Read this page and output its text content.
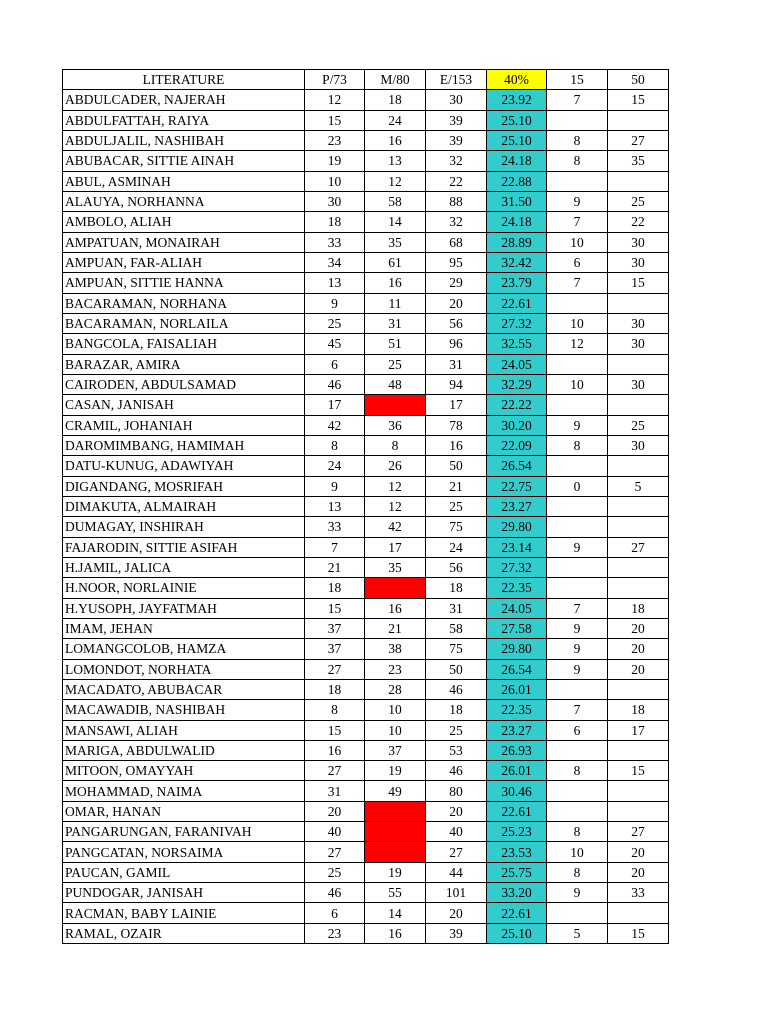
LITERATURE	P/73	M/80	E/153	40%	15	50
ABDULCADER, NAJERAH	12	18	30	23.92	7	15
ABDULFATTAH, RAIYA	15	24	39	25.10		
ABDULJALIL, NASHIBAH	23	16	39	25.10	8	27
ABUBACAR, SITTIE AINAH	19	13	32	24.18	8	35
ABUL, ASMINAH	10	12	22	22.88		
ALAUYA, NORHANNA	30	58	88	31.50	9	25
AMBOLO, ALIAH	18	14	32	24.18	7	22
AMPATUAN, MONAIRAH	33	35	68	28.89	10	30
AMPUAN, FAR-ALIAH	34	61	95	32.42	6	30
AMPUAN, SITTIE HANNA	13	16	29	23.79	7	15
BACARAMAN, NORHANA	9	11	20	22.61		
BACARAMAN, NORLAILA	25	31	56	27.32	10	30
BANGCOLA, FAISALIAH	45	51	96	32.55	12	30
BARAZAR, AMIRA	6	25	31	24.05		
CAIRODEN, ABDULSAMAD	46	48	94	32.29	10	30
CASAN, JANISAH	17		17	22.22		
CRAMIL, JOHANIAH	42	36	78	30.20	9	25
DAROMIMBANG, HAMIMAH	8	8	16	22.09	8	30
DATU-KUNUG, ADAWIYAH	24	26	50	26.54		
DIGANDANG, MOSRIFAH	9	12	21	22.75	0	5
DIMAKUTA, ALMAIRAH	13	12	25	23.27		
DUMAGAY, INSHIRAH	33	42	75	29.80		
FAJARODIN, SITTIE ASIFAH	7	17	24	23.14	9	27
H.JAMIL, JALICA	21	35	56	27.32		
H.NOOR, NORLAINIE	18		18	22.35		
H.YUSOPH, JAYFATMAH	15	16	31	24.05	7	18
IMAM, JEHAN	37	21	58	27.58	9	20
LOMANGCOLOB, HAMZA	37	38	75	29.80	9	20
LOMONDOT, NORHATA	27	23	50	26.54	9	20
MACADATO, ABUBACAR	18	28	46	26.01		
MACAWADIB, NASHIBAH	8	10	18	22.35	7	18
MANSAWI, ALIAH	15	10	25	23.27	6	17
MARIGA, ABDULWALID	16	37	53	26.93		
MITOON, OMAYYAH	27	19	46	26.01	8	15
MOHAMMAD, NAIMA	31	49	80	30.46		
OMAR, HANAN	20		20	22.61		
PANGARUNGAN, FARANIVAH	40		40	25.23	8	27
PANGCATAN, NORSAIMA	27		27	23.53	10	20
PAUCAN, GAMIL	25	19	44	25.75	8	20
PUNDOGAR, JANISAH	46	55	101	33.20	9	33
RACMAN, BABY LAINIE	6	14	20	22.61		
RAMAL, OZAIR	23	16	39	25.10	5	15
